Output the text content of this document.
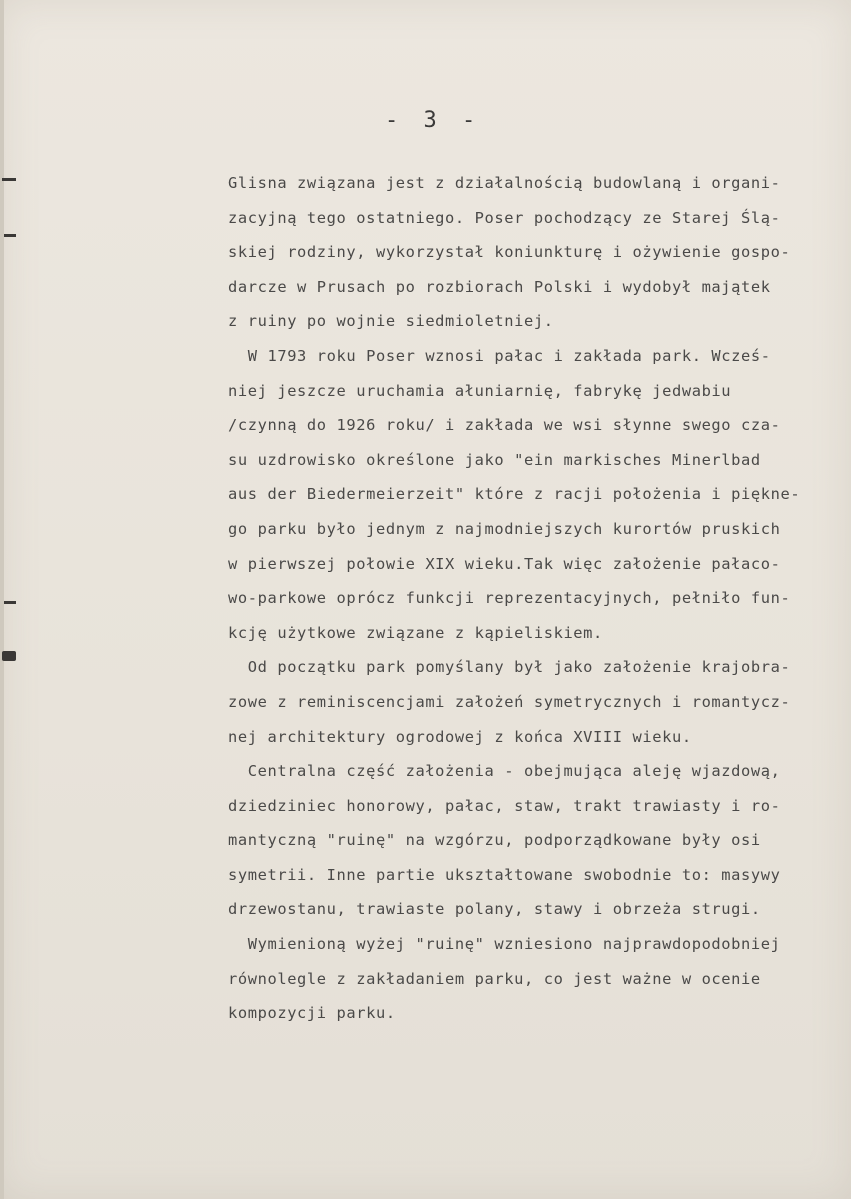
- 3 -

Glisna związana jest z działalnością budowlaną i organi-
zacyjną tego ostatniego. Poser pochodzący ze Starej Ślą-
skiej rodziny, wykorzystał koniunkturę i ożywienie gospo-
darcze w Prusach po rozbiorach Polski i wydobył majątek
z ruiny po wojnie siedmioletniej.

W 1793 roku Poser wznosi pałac i zakłada park. Wcześ-
niej jeszcze uruchamia ałuniarnię, fabrykę jedwabiu
/czynną do 1926 roku/ i zakłada we wsi słynne swego cza-
su uzdrowisko określone jako "ein markisches Minerlbad
aus der Biedermeierzeit" które z racji położenia i piękne-
go parku było jednym z najmodniejszych kurortów pruskich
w pierwszej połowie XIX wieku.Tak więc założenie pałaco-
wo-parkowe oprócz funkcji reprezentacyjnych, pełniło fun-
kcję użytkowe związane z kąpieliskiem.

Od początku park pomyślany był jako założenie krajobra-
zowe z reminiscencjami założeń symetrycznych i romantycz-
nej architektury ogrodowej z końca XVIII wieku.

Centralna część założenia - obejmująca aleję wjazdową,
dziedziniec honorowy, pałac, staw, trakt trawiasty i ro-
mantyczną "ruinę" na wzgórzu, podporządkowane były osi
symetrii. Inne partie ukształtowane swobodnie to: masywy
drzewostanu, trawiaste polany, stawy i obrzeża strugi.

Wymienioną wyżej "ruinę" wzniesiono najprawdopodobniej
równolegle z zakładaniem parku, co jest ważne w ocenie
kompozycji parku.
